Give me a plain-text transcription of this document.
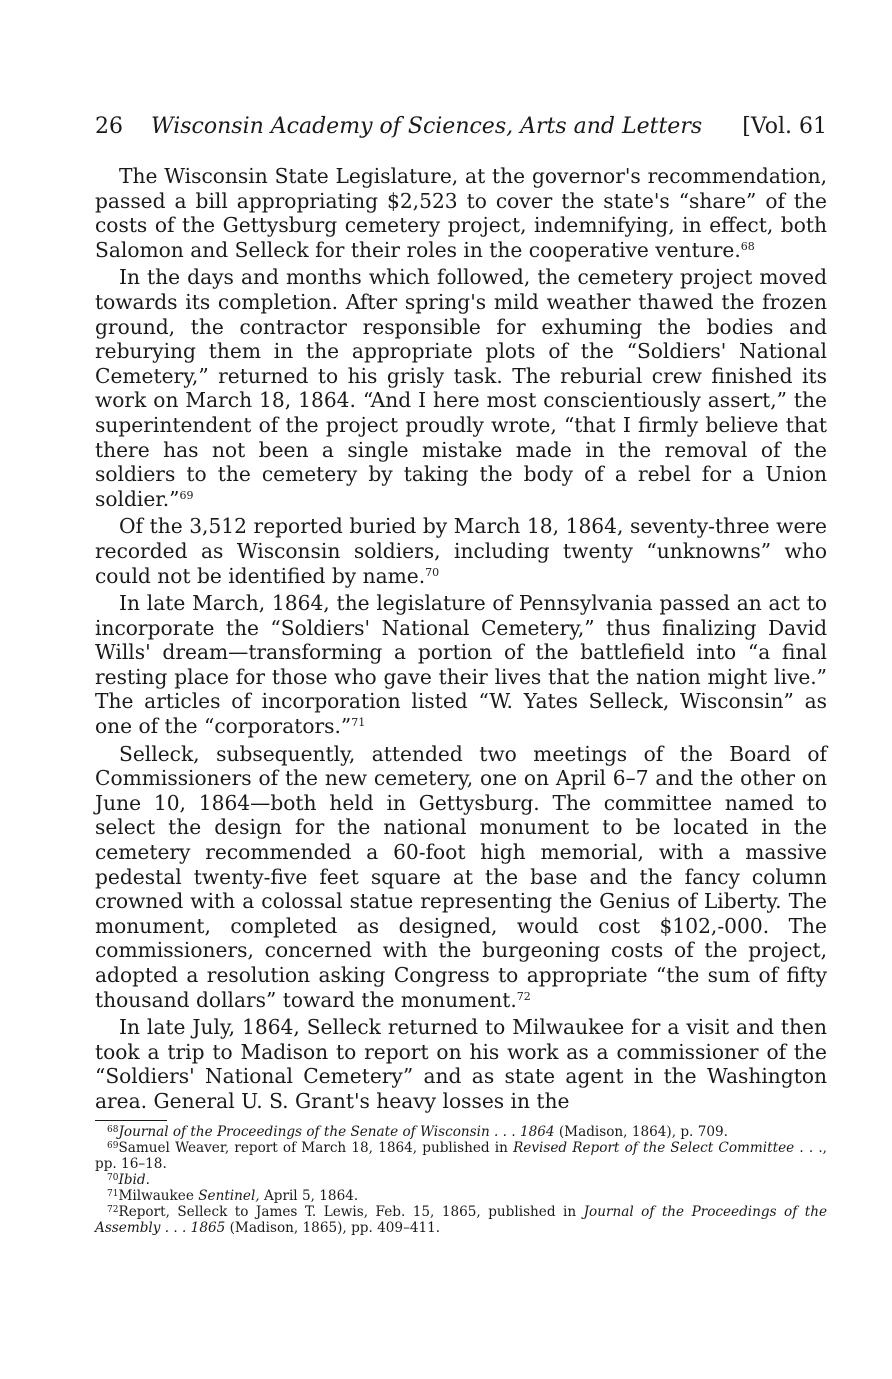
26	Wisconsin Academy of Sciences, Arts and Letters	[Vol. 61

The Wisconsin State Legislature, at the governor's recommendation, passed a bill appropriating $2,523 to cover the state's “share” of the costs of the Gettysburg cemetery project, indemnifying, in effect, both Salomon and Selleck for their roles in the cooperative venture.$^{68}$

In the days and months which followed, the cemetery project moved towards its completion. After spring's mild weather thawed the frozen ground, the contractor responsible for exhuming the bodies and reburying them in the appropriate plots of the “Soldiers' National Cemetery,” returned to his grisly task. The reburial crew finished its work on March 18, 1864. “And I here most conscientiously assert,” the superintendent of the project proudly wrote, “that I firmly believe that there has not been a single mistake made in the removal of the soldiers to the cemetery by taking the body of a rebel for a Union soldier.”$^{69}$

Of the 3,512 reported buried by March 18, 1864, seventy-three were recorded as Wisconsin soldiers, including twenty “unknowns” who could not be identified by name.$^{70}$

In late March, 1864, the legislature of Pennsylvania passed an act to incorporate the “Soldiers' National Cemetery,” thus finalizing David Wills' dream—transforming a portion of the battlefield into “a final resting place for those who gave their lives that the nation might live.” The articles of incorporation listed “W. Yates Selleck, Wisconsin” as one of the “corporators.”$^{71}$

Selleck, subsequently, attended two meetings of the Board of Commissioners of the new cemetery, one on April 6–7 and the other on June 10, 1864—both held in Gettysburg. The committee named to select the design for the national monument to be located in the cemetery recommended a 60-foot high memorial, with a massive pedestal twenty-five feet square at the base and the fancy column crowned with a colossal statue representing the Genius of Liberty. The monument, completed as designed, would cost $102,-000. The commissioners, concerned with the burgeoning costs of the project, adopted a resolution asking Congress to appropriate “the sum of fifty thousand dollars” toward the monument.$^{72}$

In late July, 1864, Selleck returned to Milwaukee for a visit and then took a trip to Madison to report on his work as a commissioner of the “Soldiers' National Cemetery” and as state agent in the Washington area. General U. S. Grant's heavy losses in the

$^{68}$Journal of the Proceedings of the Senate of Wisconsin . . . 1864 (Madison, 1864), p. 709.

$^{69}$Samuel Weaver, report of March 18, 1864, published in Revised Report of the Select Committee . . ., pp. 16–18.

$^{70}$Ibid.

$^{71}$Milwaukee Sentinel, April 5, 1864.

$^{72}$Report, Selleck to James T. Lewis, Feb. 15, 1865, published in Journal of the Proceedings of the Assembly . . . 1865 (Madison, 1865), pp. 409–411.
